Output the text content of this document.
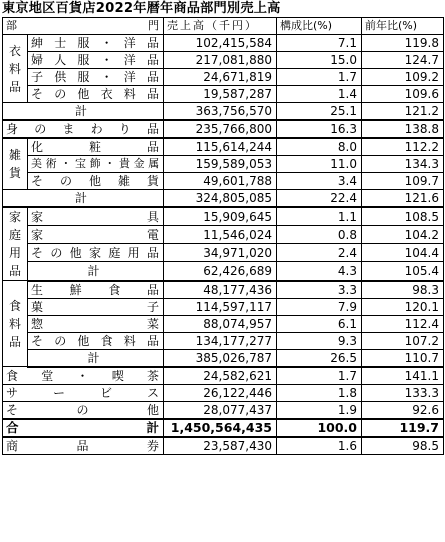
東京地区百貨店2022年暦年商品部門別売上高
部 門		売上高（千円）	構成比(%)	前年比(%)
衣料品	紳士服・洋品	102,415,584	7.1	119.8
	婦人服・洋品	217,081,880	15.0	124.7
	子供服・洋品	24,671,819	1.7	109.2
	その他衣料品	19,587,287	1.4	109.6
計		363,756,570	25.1	121.2
身のまわり品		235,766,800	16.3	138.8
雑貨	化粧品	115,614,244	8.0	112.2
	美術・宝飾・貴金属	159,589,053	11.0	134.3
	その他雑貨	49,601,788	3.4	109.7
計		324,805,085	22.4	121.6
家庭用品	家具	15,909,645	1.1	108.5
	家電	11,546,024	0.8	104.2
	その他家庭用品	34,971,020	2.4	104.4
	計	62,426,689	4.3	105.4
食料品	生鮮食品	48,177,436	3.3	98.3
	菓子	114,597,117	7.9	120.1
	惣菜	88,074,957	6.1	112.4
	その他食料品	134,177,277	9.3	107.2
	計	385,026,787	26.5	110.7
食堂・喫茶		24,582,621	1.7	141.1
サービス		26,122,446	1.8	133.3
その他		28,077,437	1.9	92.6

合 計		1,450,564,435	100.0	119.7
商品券		23,587,430	1.6	98.5
